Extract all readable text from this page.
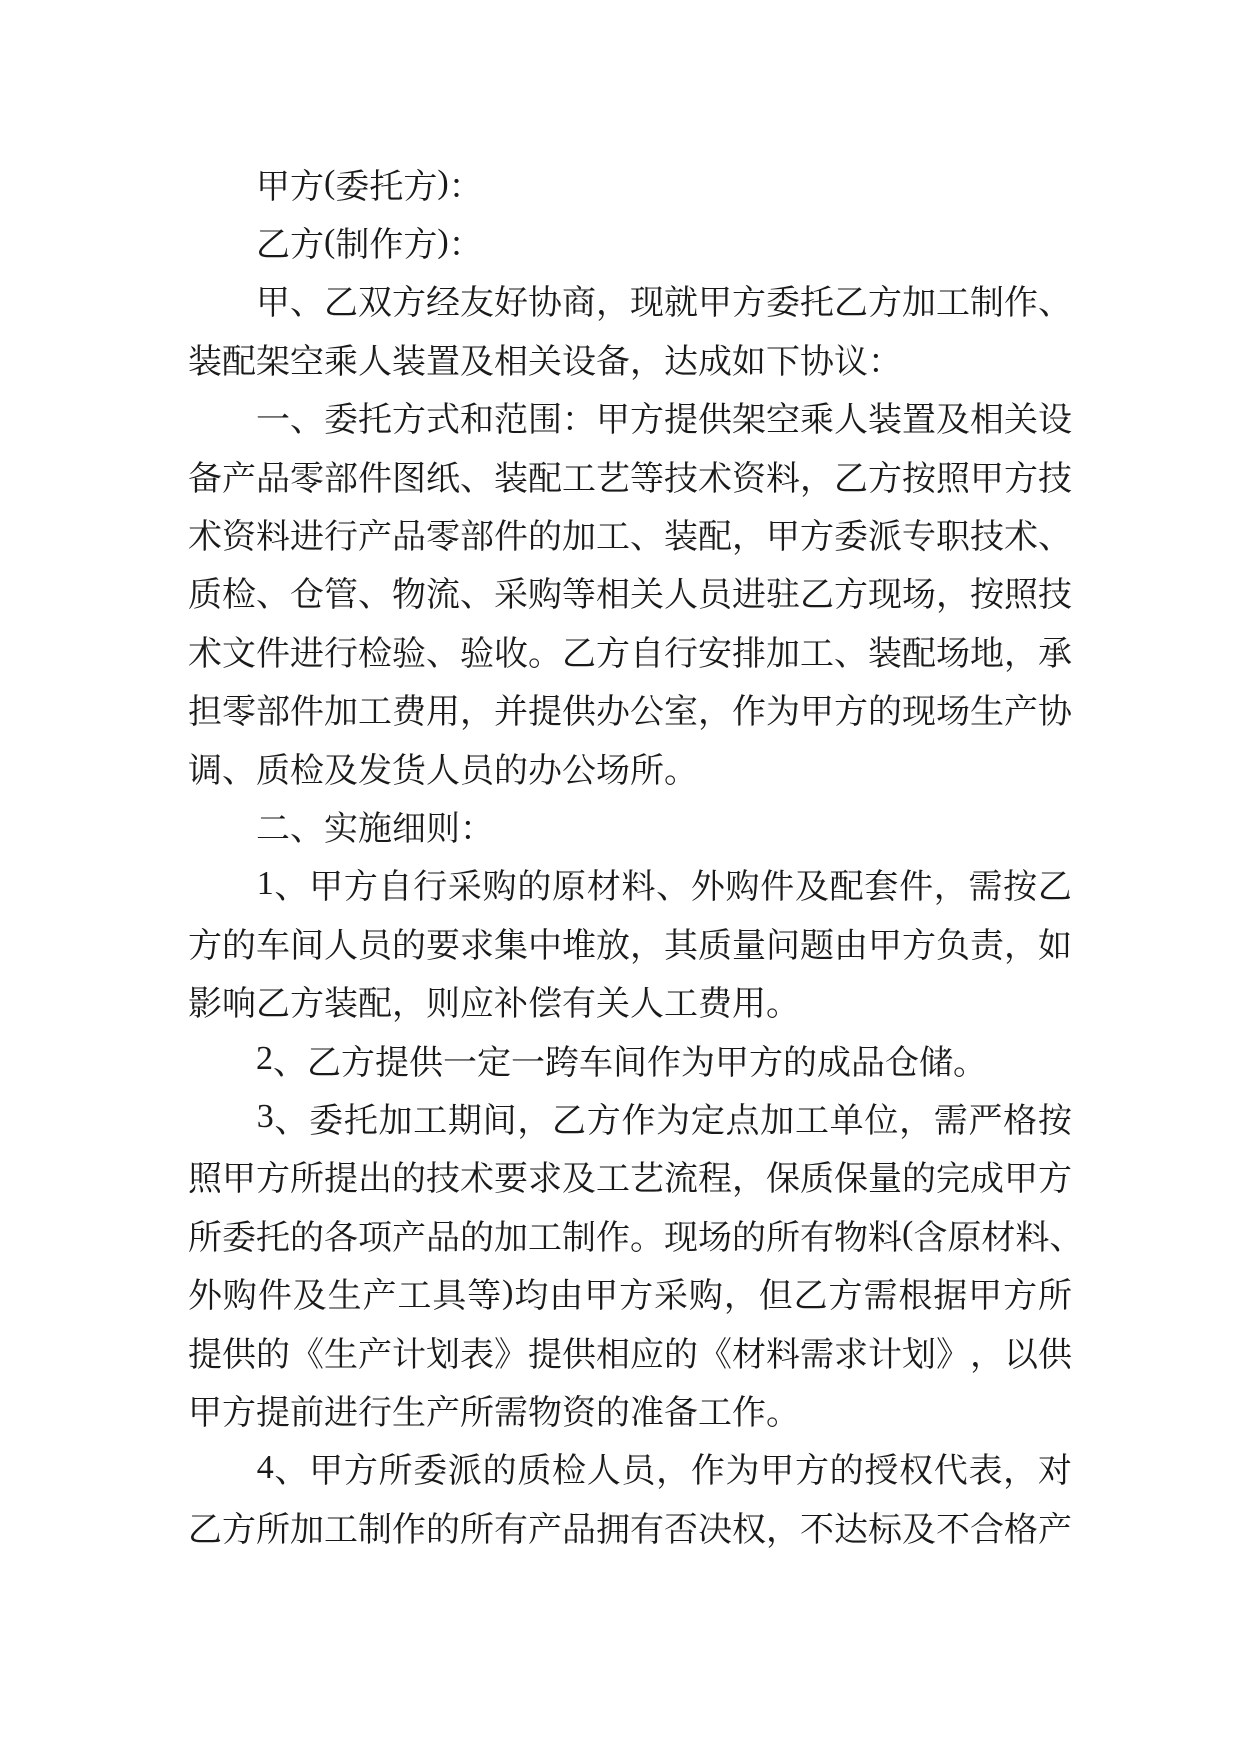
甲 方 ( 委 托 方 ) ：
乙 方 ( 制 作 方 ) ：
甲 、 乙 双 方 经 友 好 协 商 ， 现 就 甲 方 委 托 乙 方 加 工 制 作 、
装 配 架 空 乘 人 装 置 及 相 关 设 备 ， 达 成 如 下 协 议 ：
一 、 委 托 方 式 和 范 围 ： 甲 方 提 供 架 空 乘 人 装 置 及 相 关 设
备 产 品 零 部 件 图 纸 、 装 配 工 艺 等 技 术 资 料 ， 乙 方 按 照 甲 方 技
术 资 料 进 行 产 品 零 部 件 的 加 工 、 装 配 ， 甲 方 委 派 专 职 技 术 、
质 检 、 仓 管 、 物 流 、 采 购 等 相 关 人 员 进 驻 乙 方 现 场 ， 按 照 技
术 文 件 进 行 检 验 、 验 收 。 乙 方 自 行 安 排 加 工 、 装 配 场 地 ， 承
担 零 部 件 加 工 费 用 ， 并 提 供 办 公 室 ， 作 为 甲 方 的 现 场 生 产 协
调 、 质 检 及 发 货 人 员 的 办 公 场 所 。
二 、 实 施 细 则 ：
1 、 甲 方 自 行 采 购 的 原 材 料 、 外 购 件 及 配 套 件 ， 需 按 乙
方 的 车 间 人 员 的 要 求 集 中 堆 放 ， 其 质 量 问 题 由 甲 方 负 责 ， 如
影 响 乙 方 装 配 ， 则 应 补 偿 有 关 人 工 费 用 。
2 、 乙 方 提 供 一 定 一 跨 车 间 作 为 甲 方 的 成 品 仓 储 。
3 、 委 托 加 工 期 间 ， 乙 方 作 为 定 点 加 工 单 位 ， 需 严 格 按
照 甲 方 所 提 出 的 技 术 要 求 及 工 艺 流 程 ， 保 质 保 量 的 完 成 甲 方
所 委 托 的 各 项 产 品 的 加 工 制 作 。 现 场 的 所 有 物 料 ( 含 原 材 料 、
外 购 件 及 生 产 工 具 等 ) 均 由 甲 方 采 购 ， 但 乙 方 需 根 据 甲 方 所
提 供 的 《 生 产 计 划 表 》 提 供 相 应 的 《 材 料 需 求 计 划 》 ， 以 供
甲 方 提 前 进 行 生 产 所 需 物 资 的 准 备 工 作 。
4 、 甲 方 所 委 派 的 质 检 人 员 ， 作 为 甲 方 的 授 权 代 表 ， 对
乙 方 所 加 工 制 作 的 所 有 产 品 拥 有 否 决 权 ， 不 达 标 及 不 合 格 产
